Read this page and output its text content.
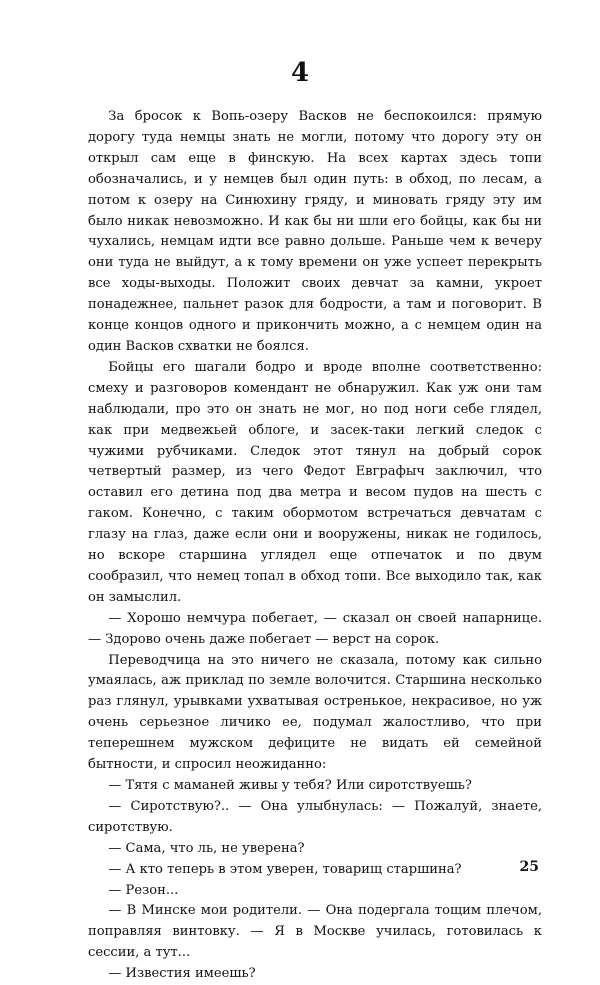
4

За бросок к Вопь-озеру Васков не беспокоился: прямую дорогу туда немцы знать не могли, потому что дорогу эту он открыл сам еще в финскую. На всех картах здесь топи обозначались, и у немцев был один путь: в обход, по лесам, а потом к озеру на Синюхину гряду, и миновать гряду эту им было никак невозможно. И как бы ни шли его бойцы, как бы ни чухались, немцам идти все равно дольше. Раньше чем к вечеру они туда не выйдут, а к тому времени он уже успеет перекрыть все ходы-выходы. Положит своих девчат за камни, укроет понадежнее, пальнет разок для бодрости, а там и поговорит. В конце концов одного и прикончить можно, а с немцем один на один Васков схватки не боялся.

Бойцы его шагали бодро и вроде вполне соответственно: смеху и разговоров комендант не обнаружил. Как уж они там наблюдали, про это он знать не мог, но под ноги себе глядел, как при медвежьей облоге, и засек-таки легкий следок с чужими рубчиками. Следок этот тянул на добрый сорок четвертый размер, из чего Федот Евграфыч заключил, что оставил его детина под два метра и весом пудов на шесть с гаком. Конечно, с таким обормотом встречаться девчатам с глазу на глаз, даже если они и вооружены, никак не годилось, но вскоре старшина углядел еще отпечаток и по двум сообразил, что немец топал в обход топи. Все выходило так, как он замыслил.

— Хорошо немчура побегает, — сказал он своей напарнице. — Здорово очень даже побегает — верст на сорок.

Переводчица на это ничего не сказала, потому как сильно умаялась, аж приклад по земле волочится. Старшина несколько раз глянул, урывками ухватывая остренькое, некрасивое, но уж очень серьезное личико ее, подумал жалостливо, что при теперешнем мужском дефиците не видать ей семейной бытности, и спросил неожиданно:

— Тятя с маманей живы у тебя? Или сиротствуешь?

— Сиротствую?.. — Она улыбнулась: — Пожалуй, знаете, сиротствую.

— Сама, что ль, не уверена?

— А кто теперь в этом уверен, товарищ старшина?

— Резон...

— В Минске мои родители. — Она подергала тощим плечом, поправляя винтовку. — Я в Москве училась, готовилась к сессии, а тут...

— Известия имеешь?

25
